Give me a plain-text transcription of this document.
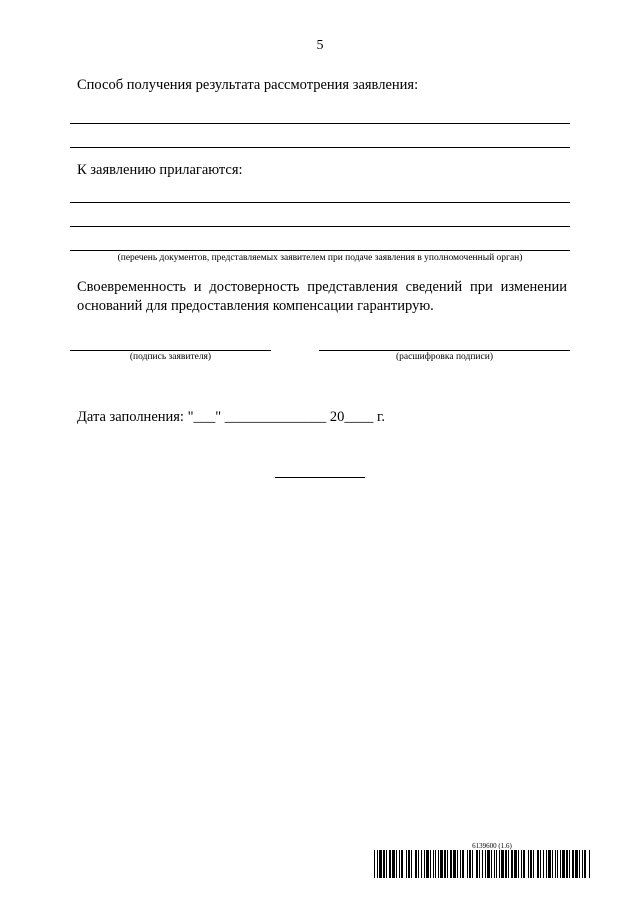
5
Способ получения результата рассмотрения заявления:
К заявлению прилагаются:
(перечень документов, представляемых заявителем при подаче заявления в уполномоченный орган)
Своевременность и достоверность представления сведений при изменении
оснований для предоставления компенсации гарантирую.
(подпись заявителя)	(расшифровка подписи)
Дата заполнения: "___" ______________ 20____ г.
6139600 (1.6)
